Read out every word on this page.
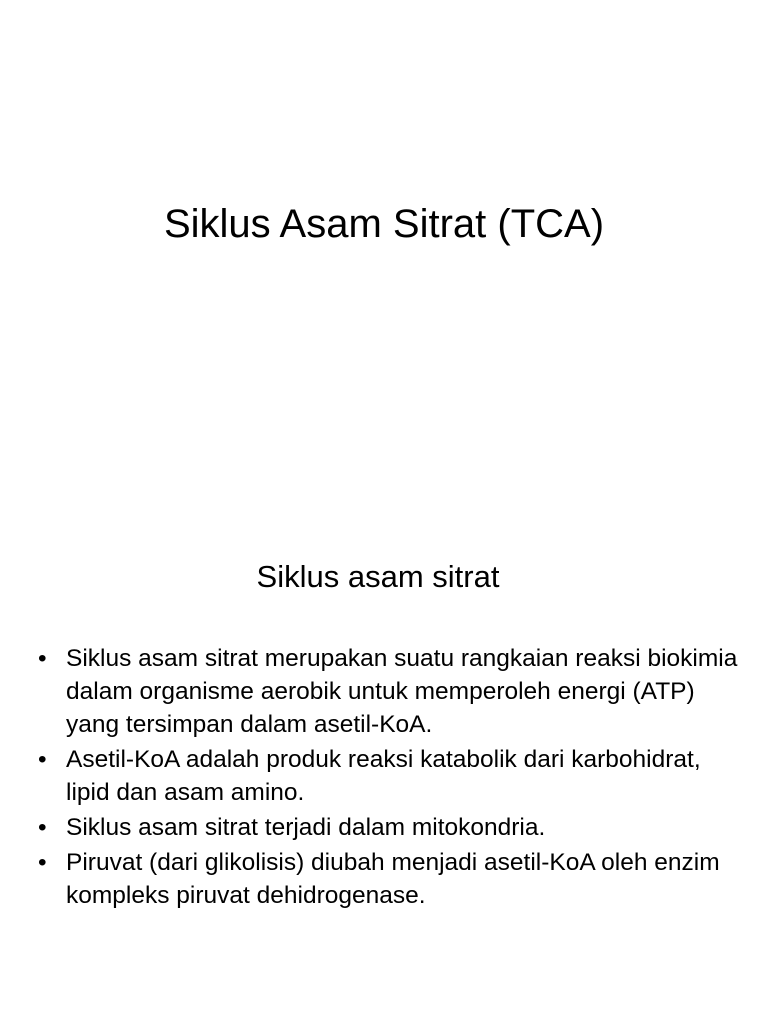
Siklus Asam Sitrat (TCA)
Siklus asam sitrat
• Siklus asam sitrat merupakan suatu rangkaian reaksi biokimia dalam organisme aerobik untuk memperoleh energi (ATP) yang tersimpan dalam asetil-KoA.
• Asetil-KoA adalah produk reaksi katabolik dari karbohidrat, lipid dan asam amino.
• Siklus asam sitrat terjadi dalam mitokondria.
• Piruvat (dari glikolisis) diubah menjadi asetil-KoA oleh enzim kompleks piruvat dehidrogenase.
